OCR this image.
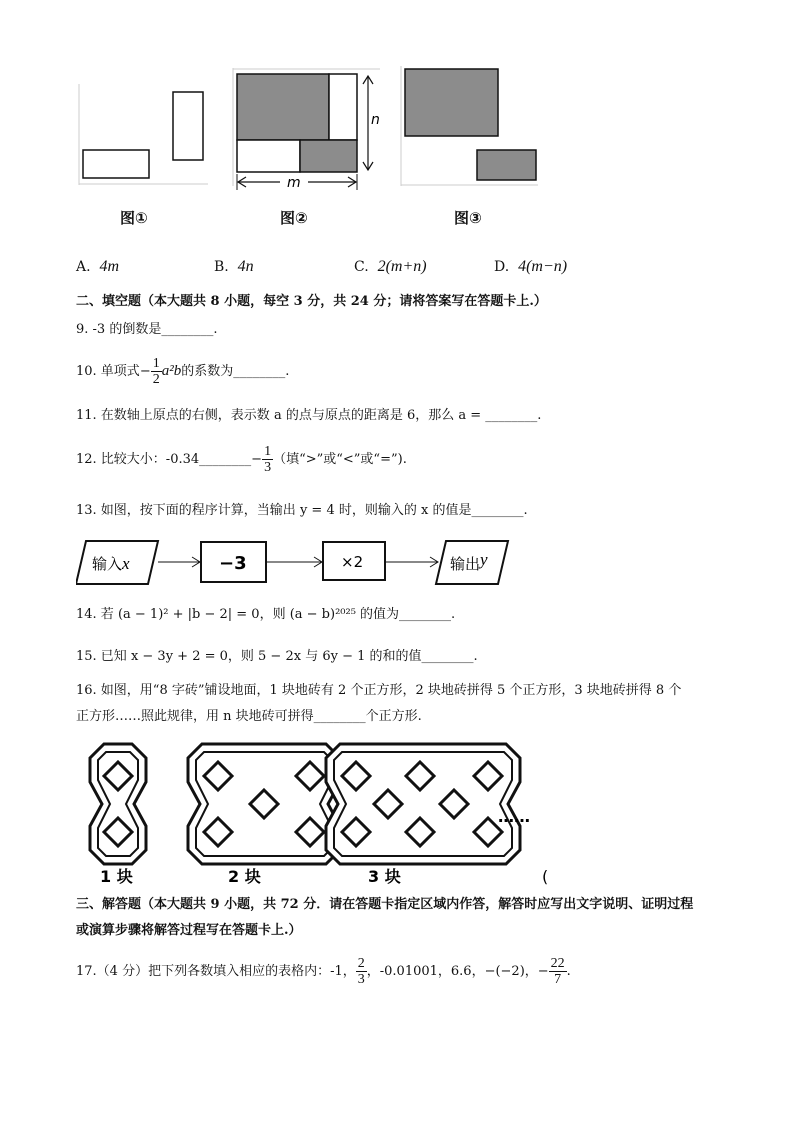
图①
n
m
图②	图③
A. 4m	B. 4n	C. 2(m+n)	D. 4(m−n)
二、填空题（本大题共 8 小题，每空 3 分，共 24 分；请将答案写在答题卡上.）
9. -3 的倒数是________.
10. 单项式− $\frac{1}{2} a^2b$的系数为________.
11. 在数轴上原点的右侧，表示数 a 的点与原点的距离是 6，那么 a = ________.
12. 比较大小：-0.34________− $\frac{1}{3}$ （填“>”或“<”或“=”).
13. 如图，按下面的程序计算，当输出 y = 4 时，则输入的 x 的值是________.
输入x	−3	×2	输出y
14. 若 (a − 1)² + |b − 2| = 0，则 (a − b)²⁰²⁵ 的值为________.
15. 已知 x − 3y + 2 = 0，则 5 − 2x 与 6y − 1 的和的值________.
16. 如图，用“8 字砖”铺设地面，1 块地砖有 2 个正方形，2 块地砖拼得 5 个正方形，3 块地砖拼得 8 个
正方形……照此规律，用 n 块地砖可拼得________个正方形.
……
1 块	2 块	3 块	(
三、解答题（本大题共 9 小题，共 72 分．请在答题卡指定区域内作答，解答时应写出文字说明、证明过程
或演算步骤将解答过程写在答题卡上.）
17.（4 分）把下列各数填入相应的表格内：-1， $\frac{2}{3}$ ，-0.01001，6.6，−(−2)，− $\frac{22}{7}$ .
